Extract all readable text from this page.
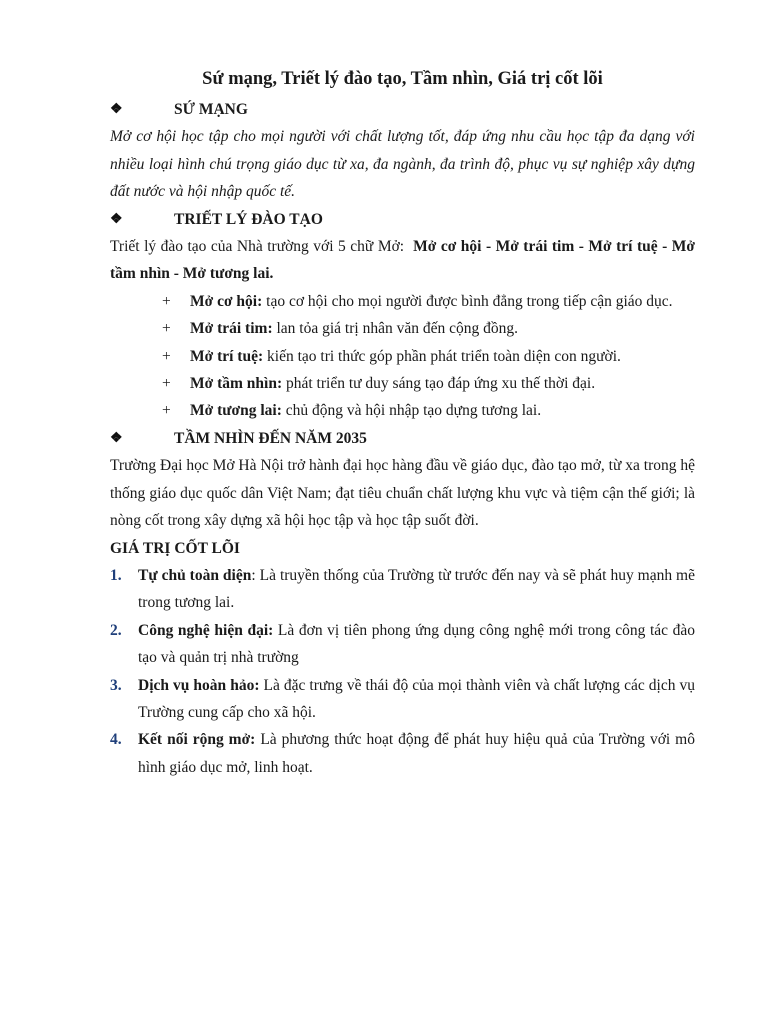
Sứ mạng, Triết lý đào tạo, Tầm nhìn, Giá trị cốt lõi
❖	SỨ MẠNG

Mở cơ hội học tập cho mọi người với chất lượng tốt, đáp ứng nhu cầu học tập đa dạng với nhiều loại hình chú trọng giáo dục từ xa, đa ngành, đa trình độ, phục vụ sự nghiệp xây dựng đất nước và hội nhập quốc tế.

❖	TRIẾT LÝ ĐÀO TẠO

Triết lý đào tạo của Nhà trường với 5 chữ Mở: Mở cơ hội - Mở trái tim - Mở trí tuệ - Mở tầm nhìn - Mở tương lai.

+ Mở cơ hội: tạo cơ hội cho mọi người được bình đẳng trong tiếp cận giáo dục.

+ Mở trái tim: lan tỏa giá trị nhân văn đến cộng đồng.

+ Mở trí tuệ: kiến tạo tri thức góp phần phát triển toàn diện con người.

+ Mở tầm nhìn: phát triển tư duy sáng tạo đáp ứng xu thế thời đại.

+ Mở tương lai: chủ động và hội nhập tạo dựng tương lai.

❖	TẦM NHÌN ĐẾN NĂM 2035

Trường Đại học Mở Hà Nội trở hành đại học hàng đầu về giáo dục, đào tạo mở, từ xa trong hệ thống giáo dục quốc dân Việt Nam; đạt tiêu chuẩn chất lượng khu vực và tiệm cận thế giới; là nòng cốt trong xây dựng xã hội học tập và học tập suốt đời.

GIÁ TRỊ CỐT LÕI

1.	Tự chủ toàn diện: Là truyền thống của Trường từ trước đến nay và sẽ phát huy mạnh mẽ trong tương lai.
2.	Công nghệ hiện đại: Là đơn vị tiên phong ứng dụng công nghệ mới trong công tác đào tạo và quản trị nhà trường
3.	Dịch vụ hoàn hảo: Là đặc trưng về thái độ của mọi thành viên và chất lượng các dịch vụ Trường cung cấp cho xã hội.
4.	Kết nối rộng mở: Là phương thức hoạt động để phát huy hiệu quả của Trường với mô hình giáo dục mở, linh hoạt.
